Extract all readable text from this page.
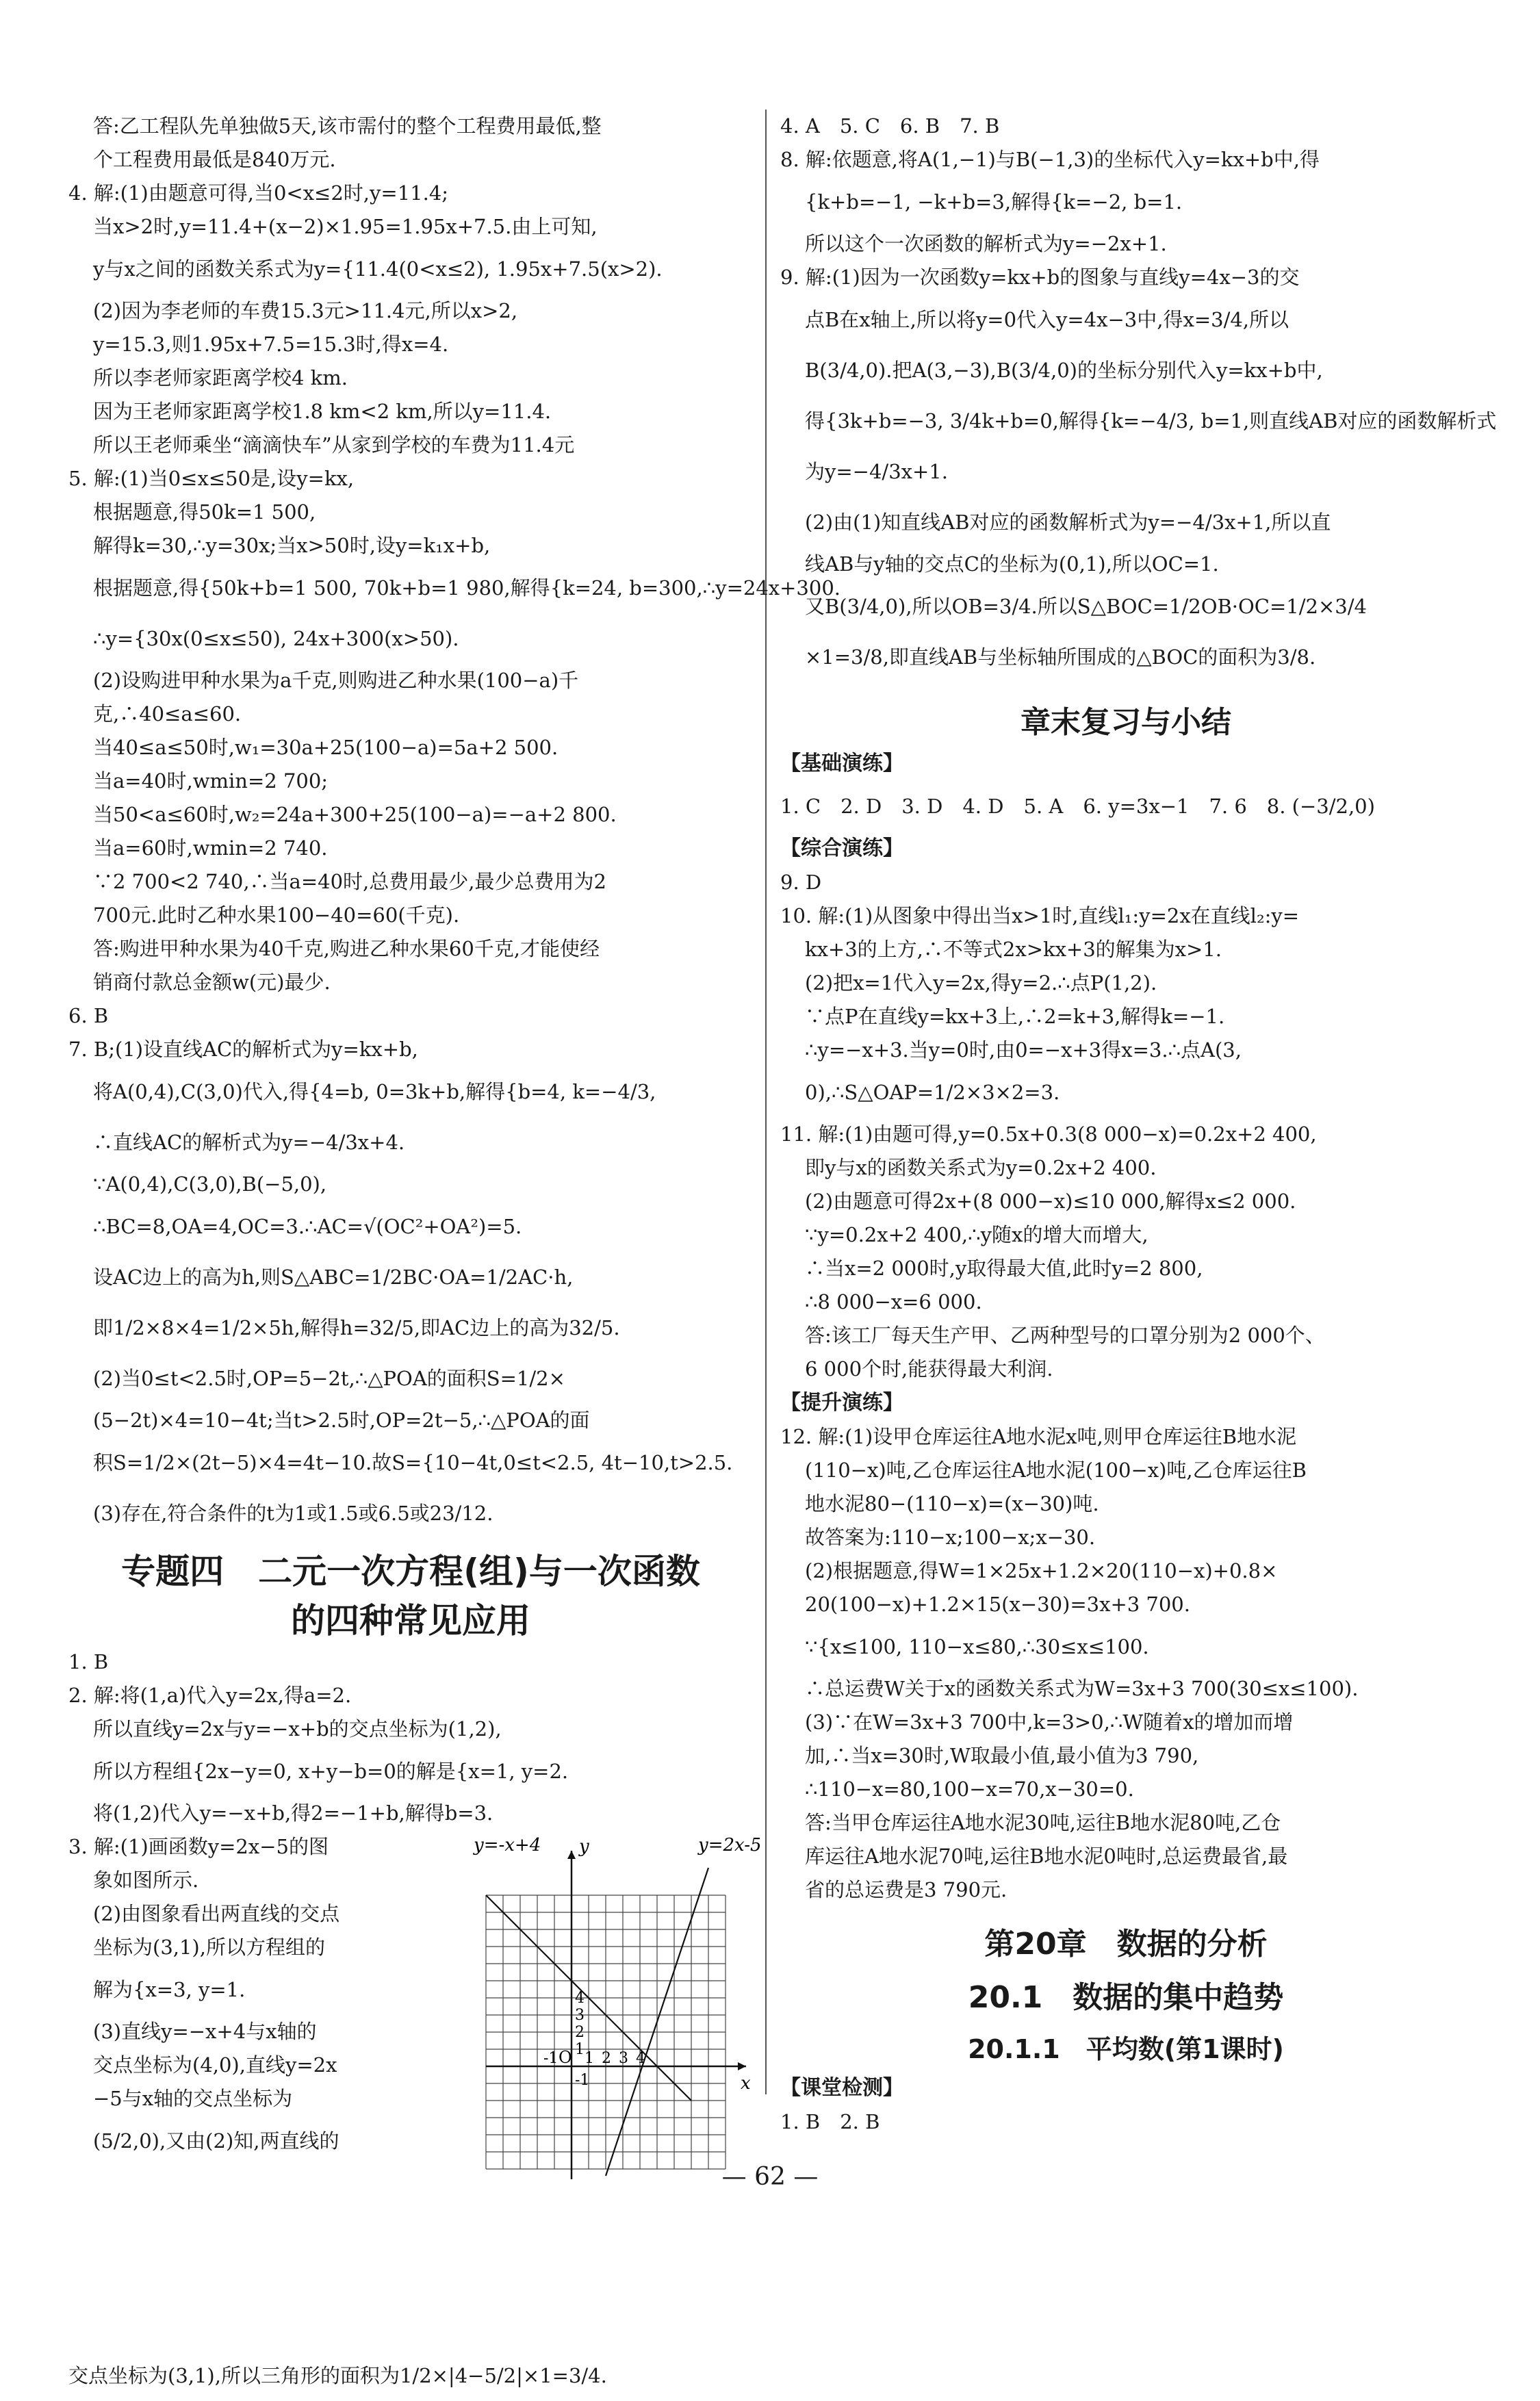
答:乙工程队先单独做5天,该市需付的整个工程费用最低,整
个工程费用最低是840万元.
4. 解:(1)由题意可得,当0<x≤2时,y=11.4;
当x>2时,y=11.4+(x−2)×1.95=1.95x+7.5.由上可知,
y与x之间的函数关系式为y={11.4(0<x≤2), 1.95x+7.5(x>2).
(2)因为李老师的车费15.3元>11.4元,所以x>2,
y=15.3,则1.95x+7.5=15.3时,得x=4.
所以李老师家距离学校4 km.
因为王老师家距离学校1.8 km<2 km,所以y=11.4.
所以王老师乘坐“滴滴快车”从家到学校的车费为11.4元
5. 解:(1)当0≤x≤50是,设y=kx,
根据题意,得50k=1 500,
解得k=30,∴y=30x;当x>50时,设y=k₁x+b,
根据题意,得{50k+b=1 500, 70k+b=1 980,解得{k=24, b=300,∴y=24x+300.
∴y={30x(0≤x≤50), 24x+300(x>50).
(2)设购进甲种水果为a千克,则购进乙种水果(100−a)千
克,∴40≤a≤60.
当40≤a≤50时,w₁=30a+25(100−a)=5a+2 500.
当a=40时,wmin=2 700;
当50<a≤60时,w₂=24a+300+25(100−a)=−a+2 800.
当a=60时,wmin=2 740.
∵2 700<2 740,∴当a=40时,总费用最少,最少总费用为2
700元.此时乙种水果100−40=60(千克).
答:购进甲种水果为40千克,购进乙种水果60千克,才能使经
销商付款总金额w(元)最少.
6. B
7. B;(1)设直线AC的解析式为y=kx+b,
将A(0,4),C(3,0)代入,得{4=b, 0=3k+b,解得{b=4, k=−4/3,
∴直线AC的解析式为y=−4/3x+4.
∵A(0,4),C(3,0),B(−5,0),
∴BC=8,OA=4,OC=3.∴AC=√(OC²+OA²)=5.
设AC边上的高为h,则S△ABC=1/2BC·OA=1/2AC·h,
即1/2×8×4=1/2×5h,解得h=32/5,即AC边上的高为32/5.
(2)当0≤t<2.5时,OP=5−2t,∴△POA的面积S=1/2×
(5−2t)×4=10−4t;当t>2.5时,OP=2t−5,∴△POA的面
积S=1/2×(2t−5)×4=4t−10.故S={10−4t,0≤t<2.5, 4t−10,t>2.5.
(3)存在,符合条件的t为1或1.5或6.5或23/12.
专题四　二元一次方程(组)与一次函数
的四种常见应用
1. B
2. 解:将(1,a)代入y=2x,得a=2.
所以直线y=2x与y=−x+b的交点坐标为(1,2),
所以方程组{2x−y=0, x+y−b=0的解是{x=1, y=2.
将(1,2)代入y=−x+b,得2=−1+b,解得b=3.
3. 解:(1)画函数y=2x−5的图
象如图所示.
(2)由图象看出两直线的交点
坐标为(3,1),所以方程组的
解为{x=3, y=1.
(3)直线y=−x+4与x轴的
交点坐标为(4,0),直线y=2x
−5与x轴的交点坐标为
(5/2,0),又由(2)知,两直线的
y=-x+4	y=2x-5
y
x
O
-1 1 2 3 4
4
3
2
1
-1
交点坐标为(3,1),所以三角形的面积为1/2×|4−5/2|×1=3/4.
4. A　5. C　6. B　7. B
8. 解:依题意,将A(1,−1)与B(−1,3)的坐标代入y=kx+b中,得
{k+b=−1, −k+b=3,解得{k=−2, b=1.
所以这个一次函数的解析式为y=−2x+1.
9. 解:(1)因为一次函数y=kx+b的图象与直线y=4x−3的交
点B在x轴上,所以将y=0代入y=4x−3中,得x=3/4,所以
B(3/4,0).把A(3,−3),B(3/4,0)的坐标分别代入y=kx+b中,
得{3k+b=−3, 3/4k+b=0,解得{k=−4/3, b=1,则直线AB对应的函数解析式
为y=−4/3x+1.
(2)由(1)知直线AB对应的函数解析式为y=−4/3x+1,所以直
线AB与y轴的交点C的坐标为(0,1),所以OC=1.
又B(3/4,0),所以OB=3/4.所以S△BOC=1/2OB·OC=1/2×3/4
×1=3/8,即直线AB与坐标轴所围成的△BOC的面积为3/8.
章末复习与小结
【基础演练】
1. C　2. D　3. D　4. D　5. A　6. y=3x−1　7. 6　8. (−3/2,0)
【综合演练】
9. D
10. 解:(1)从图象中得出当x>1时,直线l₁:y=2x在直线l₂:y=
kx+3的上方,∴不等式2x>kx+3的解集为x>1.
(2)把x=1代入y=2x,得y=2.∴点P(1,2).
∵点P在直线y=kx+3上,∴2=k+3,解得k=−1.
∴y=−x+3.当y=0时,由0=−x+3得x=3.∴点A(3,
0),∴S△OAP=1/2×3×2=3.
11. 解:(1)由题可得,y=0.5x+0.3(8 000−x)=0.2x+2 400,
即y与x的函数关系式为y=0.2x+2 400.
(2)由题意可得2x+(8 000−x)≤10 000,解得x≤2 000.
∵y=0.2x+2 400,∴y随x的增大而增大,
∴当x=2 000时,y取得最大值,此时y=2 800,
∴8 000−x=6 000.
答:该工厂每天生产甲、乙两种型号的口罩分别为2 000个、
6 000个时,能获得最大利润.
【提升演练】
12. 解:(1)设甲仓库运往A地水泥x吨,则甲仓库运往B地水泥
(110−x)吨,乙仓库运往A地水泥(100−x)吨,乙仓库运往B
地水泥80−(110−x)=(x−30)吨.
故答案为:110−x;100−x;x−30.
(2)根据题意,得W=1×25x+1.2×20(110−x)+0.8×
20(100−x)+1.2×15(x−30)=3x+3 700.
∵{x≤100, 110−x≤80,∴30≤x≤100.
∴总运费W关于x的函数关系式为W=3x+3 700(30≤x≤100).
(3)∵在W=3x+3 700中,k=3>0,∴W随着x的增加而增
加,∴当x=30时,W取最小值,最小值为3 790,
∴110−x=80,100−x=70,x−30=0.
答:当甲仓库运往A地水泥30吨,运往B地水泥80吨,乙仓
库运往A地水泥70吨,运往B地水泥0吨时,总运费最省,最
省的总运费是3 790元.
第20章　数据的分析
20.1　数据的集中趋势
20.1.1　平均数(第1课时)
【课堂检测】
1. B　2. B
— 62 —
